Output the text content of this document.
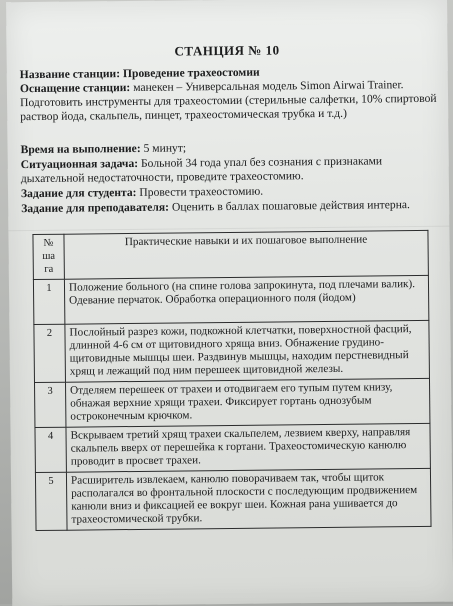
СТАНЦИЯ № 10
Название станции: Проведение трахеостомии
Оснащение станции: манекен – Универсальная модель Simon Airwai Trainer. Подготовить инструменты для трахеостомии (стерильные салфетки, 10% спиртовой раствор йода, скальпель, пинцет, трахеостомическая трубка и т.д.)
Время на выполнение: 5 минут;
Ситуационная задача: Больной 34 года упал без сознания с признаками дыхательной недостаточности, проведите трахеостомию.
Задание для студента: Провести трахеостомию.
Задание для преподавателя: Оценить в баллах пошаговые действия интерна.
№ ша га	Практические навыки и их пошаговое выполнение
1	Положение больного (на спине голова запрокинута, под плечами валик). Одевание перчаток. Обработка операционного поля (йодом)
2	Послойный разрез кожи, подкожной клетчатки, поверхностной фасций, длинной 4-6 см от щитовидного хряща вниз. Обнажение грудино-щитовидные мышцы шеи. Раздвинув мышцы, находим перстневидный хрящ и лежащий под ним перешеек щитовидной железы.
3	Отделяем перешеек от трахеи и отодвигаем его тупым путем книзу, обнажая верхние хрящи трахеи. Фиксирует гортань однозубым остроконечным крючком.
4	Вскрываем третий хрящ трахеи скальпелем, лезвием кверху, направляя скальпель вверх от перешейка к гортани. Трахеостомическую канюлю проводит в просвет трахеи.
5	Расширитель извлекаем, канюлю поворачиваем так, чтобы щиток располагался во фронтальной плоскости с последующим продвижением канюли вниз и фиксацией ее вокруг шеи. Кожная рана ушивается до трахеостомической трубки.
